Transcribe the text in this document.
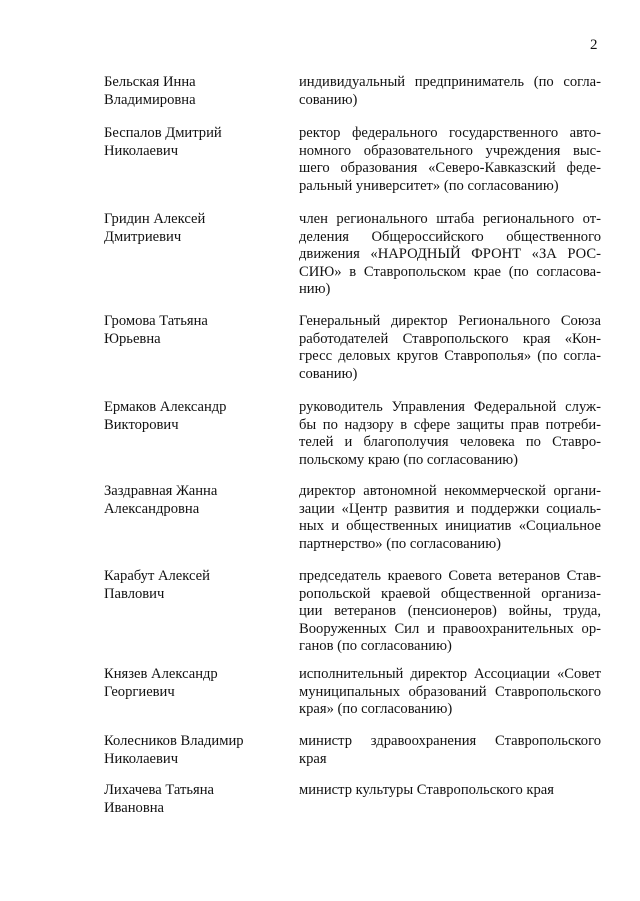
2
Бельская Инна
Владимировна
индивидуальный предприниматель (по согла-
сованию)
Беспалов Дмитрий
Николаевич
ректор федерального государственного авто-
номного образовательного учреждения выс-
шего образования «Северо-Кавказский феде-
ральный университет» (по согласованию)
Гридин Алексей
Дмитриевич
член регионального штаба регионального от-
деления Общероссийского общественного
движения «НАРОДНЫЙ ФРОНТ «ЗА РОС-
СИЮ» в Ставропольском крае (по согласова-
нию)
Громова Татьяна
Юрьевна
Генеральный директор Регионального Союза
работодателей Ставропольского края «Кон-
гресс деловых кругов Ставрополья» (по согла-
сованию)
Ермаков Александр
Викторович
руководитель Управления Федеральной служ-
бы по надзору в сфере защиты прав потреби-
телей и благополучия человека по Ставро-
польскому краю (по согласованию)
Заздравная Жанна
Александровна
директор автономной некоммерческой органи-
зации «Центр развития и поддержки социаль-
ных и общественных инициатив «Социальное
партнерство» (по согласованию)
Карабут Алексей
Павлович
председатель краевого Совета ветеранов Став-
ропольской краевой общественной организа-
ции ветеранов (пенсионеров) войны, труда,
Вооруженных Сил и правоохранительных ор-
ганов (по согласованию)
Князев Александр
Георгиевич
исполнительный директор Ассоциации «Совет
муниципальных образований Ставропольского
края» (по согласованию)
Колесников Владимир
Николаевич
министр здравоохранения Ставропольского
края
Лихачева Татьяна
Ивановна
министр культуры Ставропольского края
